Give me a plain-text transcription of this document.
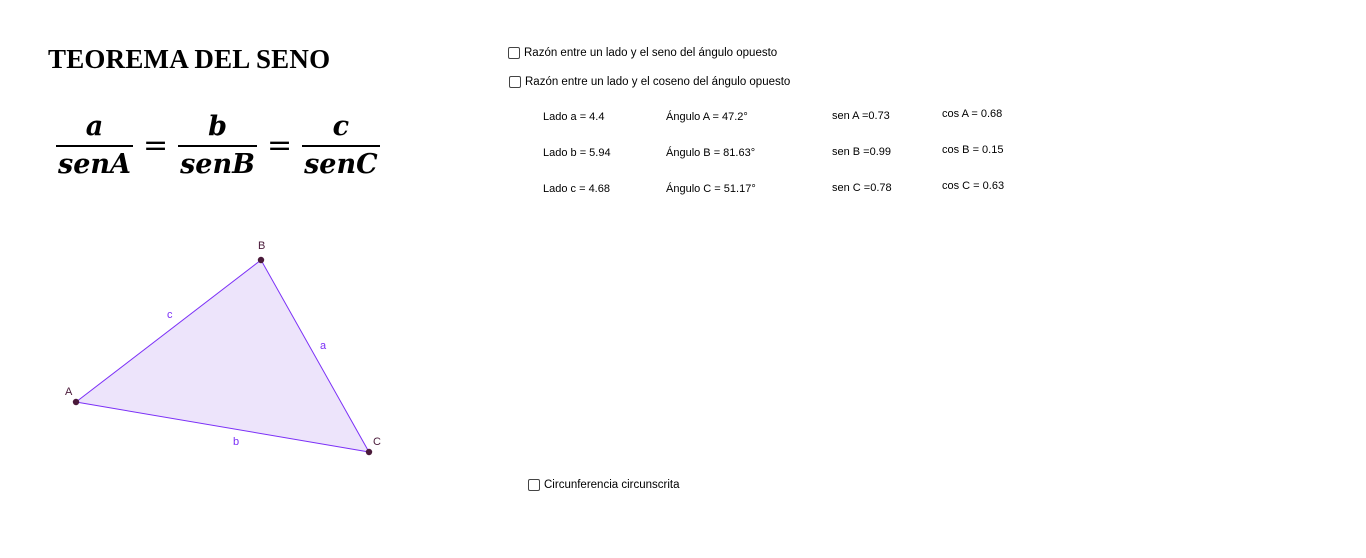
TEOREMA DEL SENO
$\frac{a}{\text{senA}} = \frac{b}{\text{senB}} = \frac{c}{\text{senC}}$
A
B
C
a
b
c
Razón entre un lado y el seno del ángulo opuesto
Razón entre un lado y el coseno del ángulo opuesto
Lado a = 4.4	Ángulo A = 47.2°	sen A =0.73	cos A = 0.68
Lado b = 5.94	Ángulo B = 81.63°	sen B =0.99	cos B = 0.15
Lado c = 4.68	Ángulo C = 51.17°	sen C =0.78	cos C = 0.63
Circunferencia circunscrita
